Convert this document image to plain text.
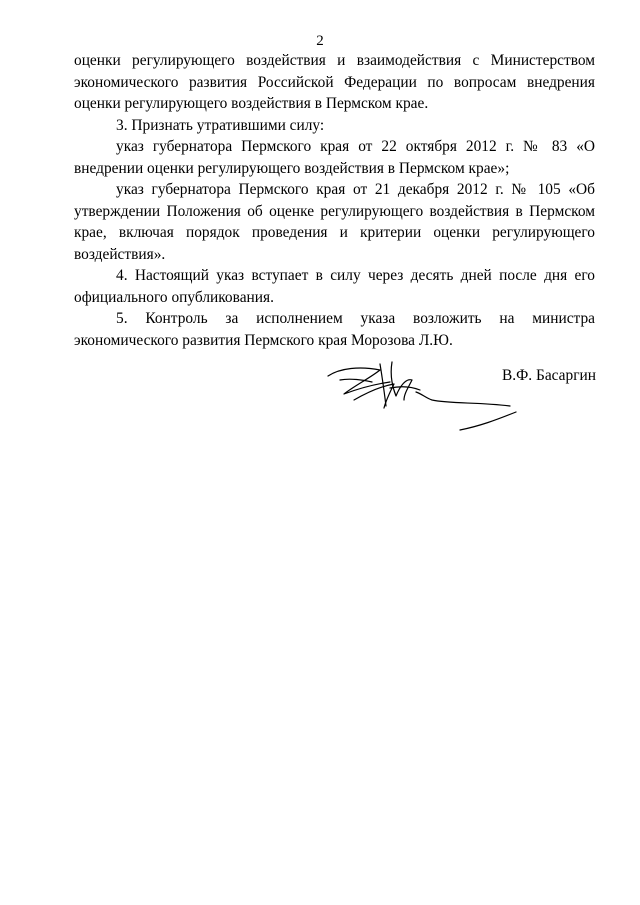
2

оценки регулирующего воздействия и взаимодействия с Министерством экономического развития Российской Федерации по вопросам внедрения оценки регулирующего воздействия в Пермском крае.

3. Признать утратившими силу:

указ губернатора Пермского края от 22 октября 2012 г. № 83 «О внедрении оценки регулирующего воздействия в Пермском крае»;

указ губернатора Пермского края от 21 декабря 2012 г. № 105 «Об утверждении Положения об оценке регулирующего воздействия в Пермском крае, включая порядок проведения и критерии оценки регулирующего воздействия».

4. Настоящий указ вступает в силу через десять дней после дня его официального опубликования.

5. Контроль за исполнением указа возложить на министра экономического развития Пермского края Морозова Л.Ю.

В.Ф. Басаргин
